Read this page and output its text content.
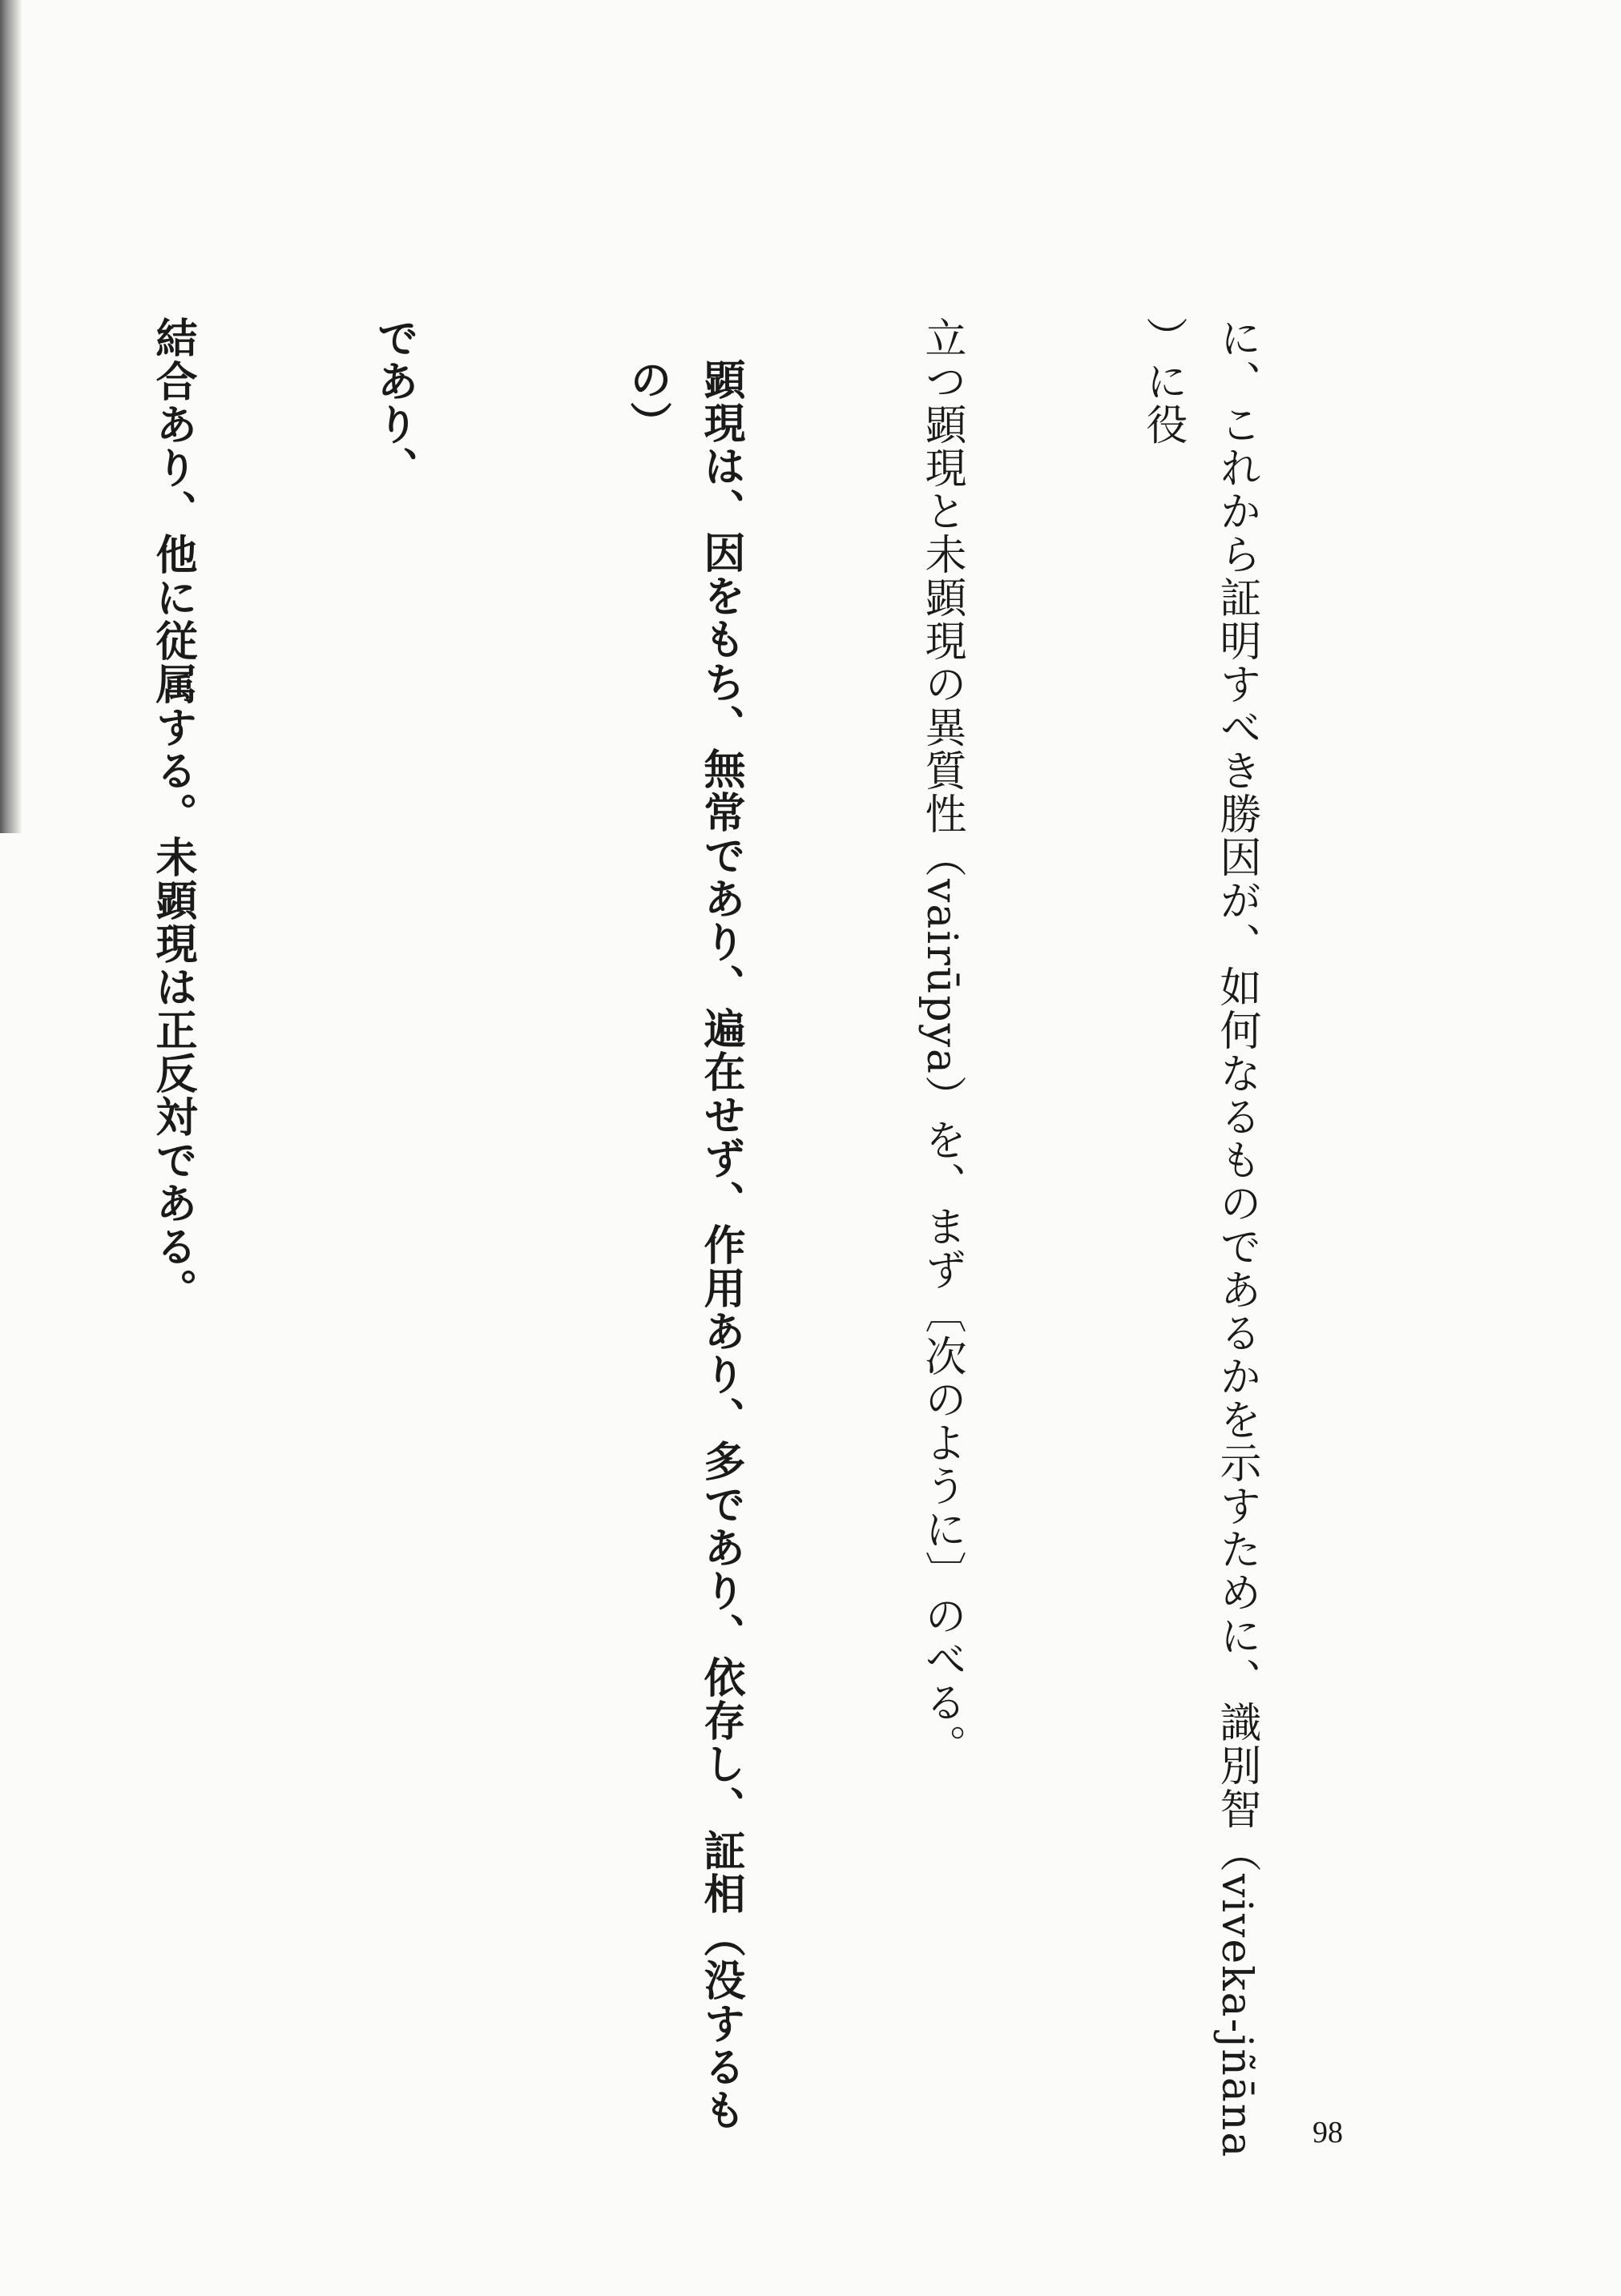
に、これから証明すべき勝因が、如何なるものであるかを示すために、識別智（viveka-jñāna ）に役

立つ顕現と未顕現の異質性（vairūpya）を、まず〔次のように〕のべる。

顕現は、因をもち、無常であり、遍在せず、作用あり、多であり、依存し、証相（没するもの）

であり、

結合あり、他に従属する。未顕現は正反対である。

98
